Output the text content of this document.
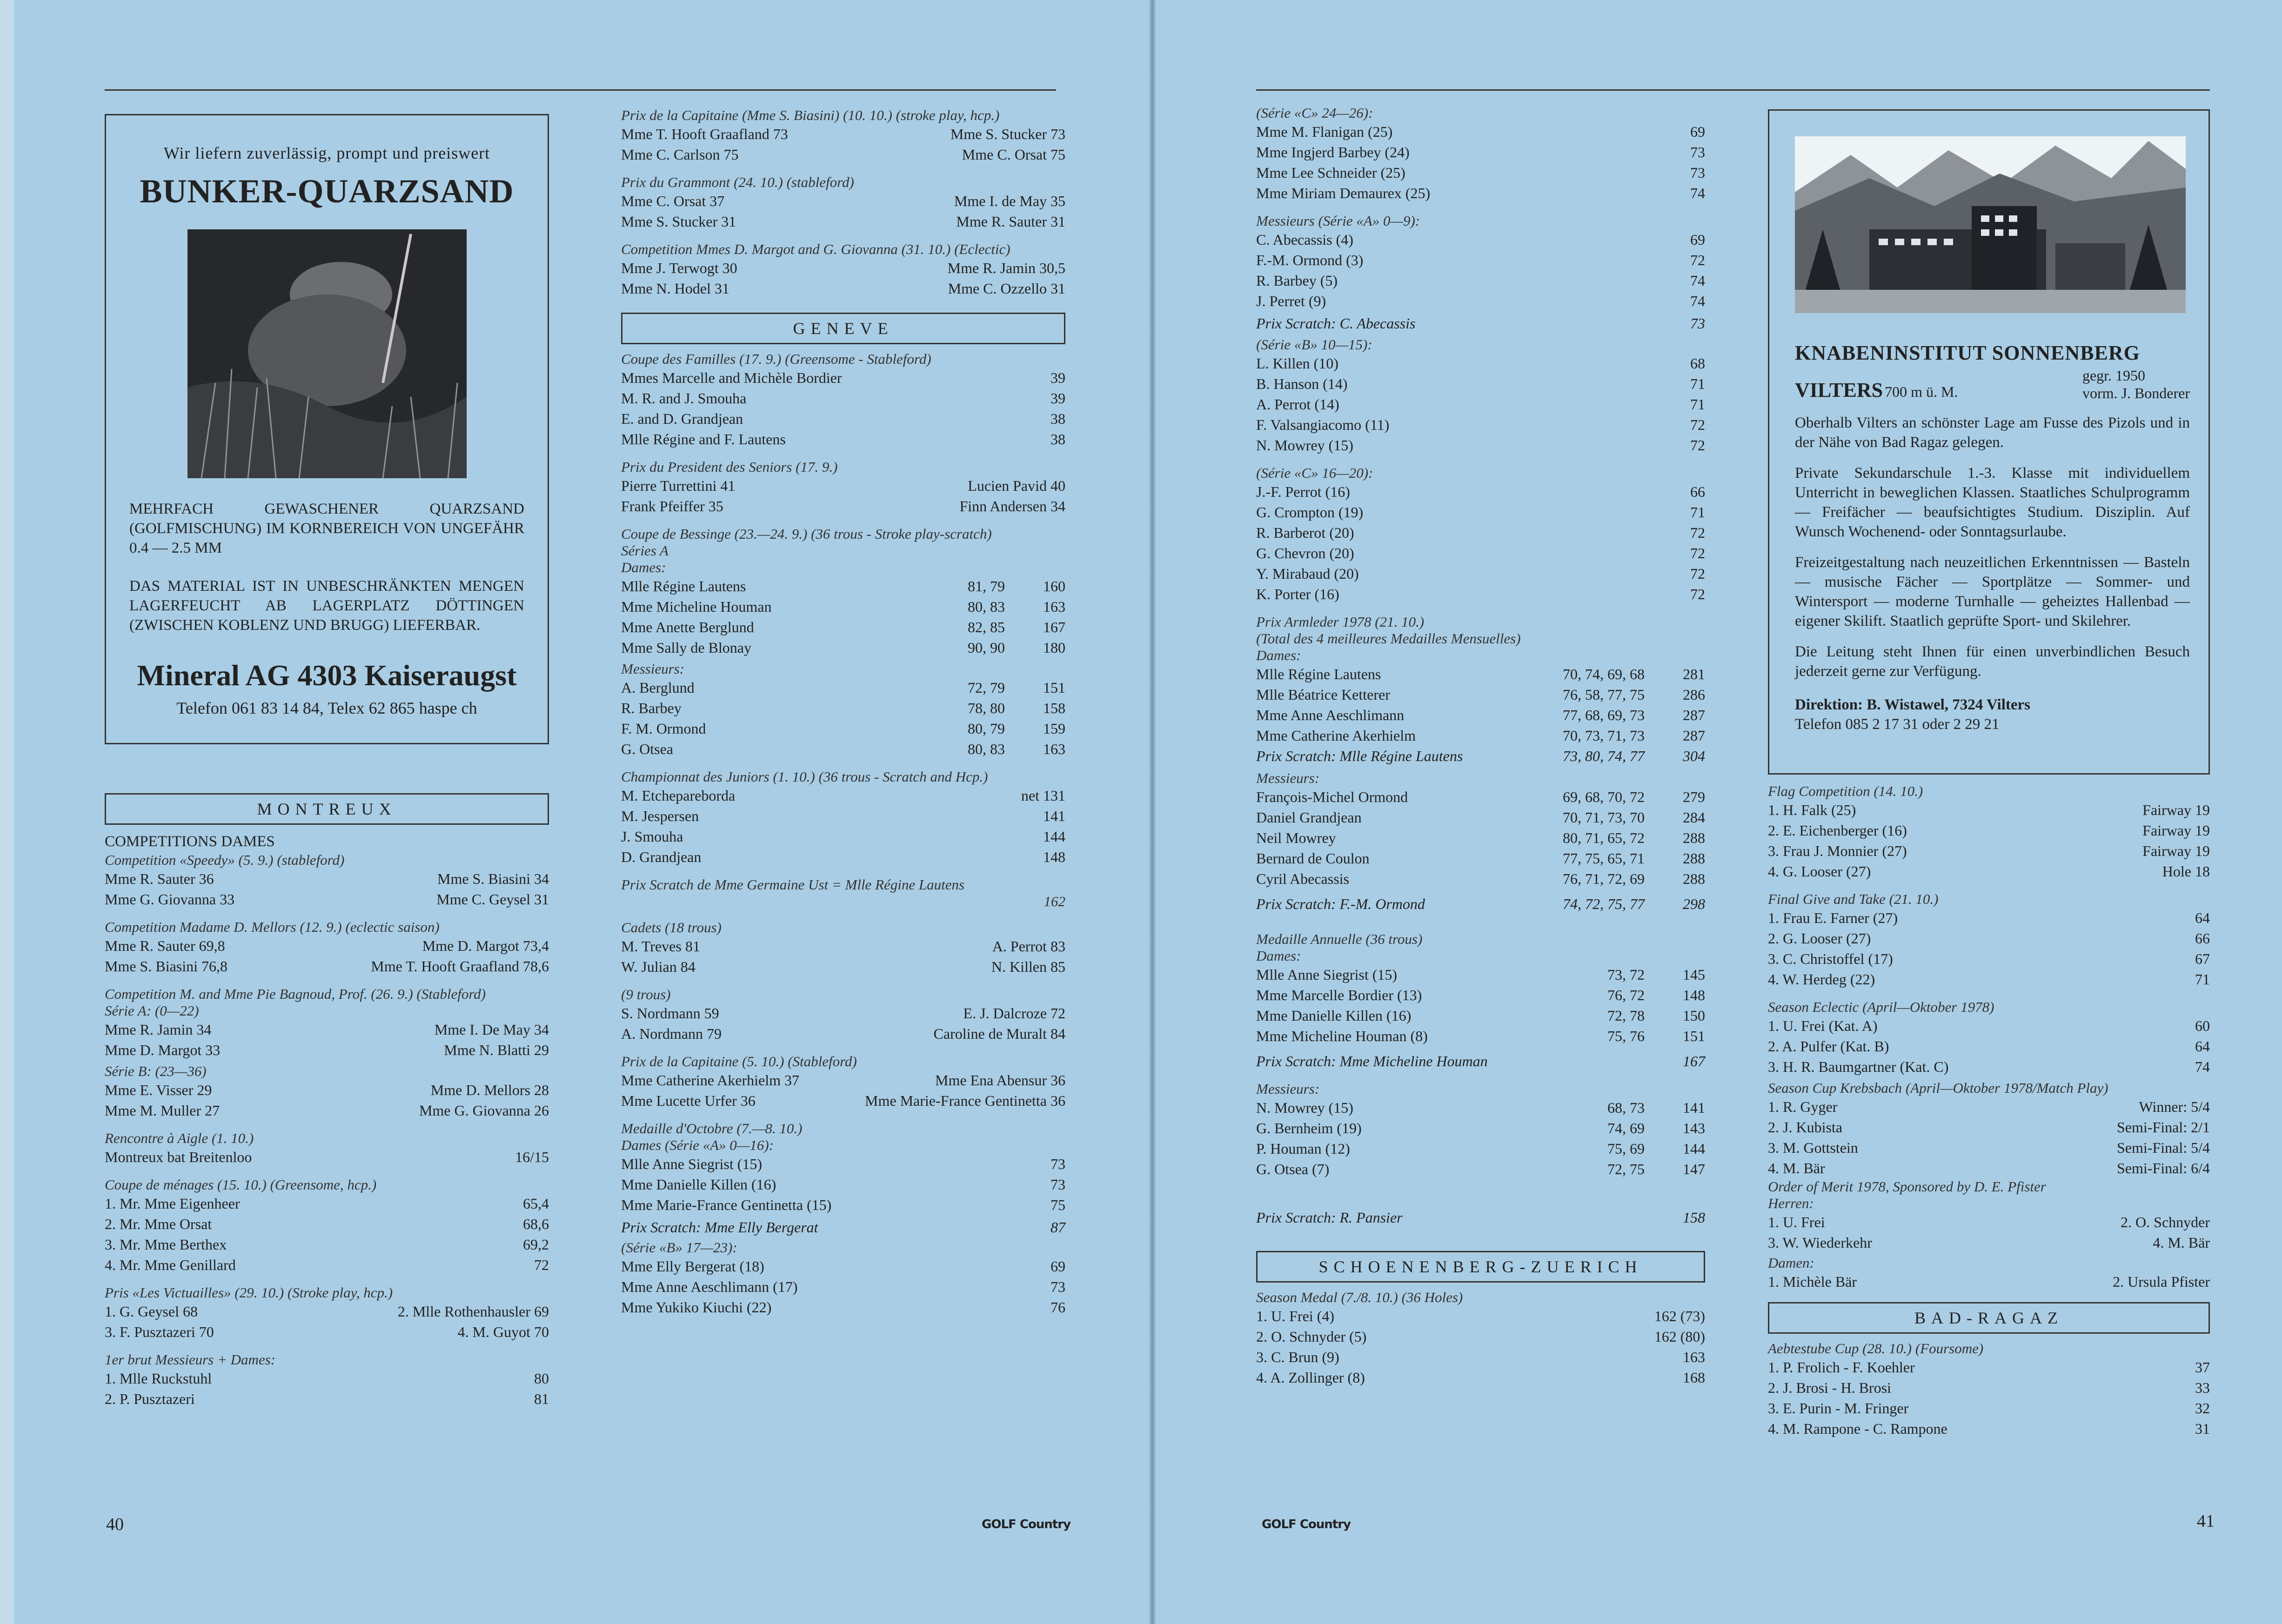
Wir liefern zuverlässig, prompt und preiswert
BUNKER-QUARZSAND
MEHRFACH GEWASCHENER QUARZSAND (GOLFMISCHUNG) IM KORNBEREICH VON UNGEFÄHR 0.4 — 2.5 MM
DAS MATERIAL IST IN UNBESCHRÄNKTEN MENGEN LAGERFEUCHT AB LAGERPLATZ DÖTTINGEN (ZWISCHEN KOBLENZ UND BRUGG) LIEFERBAR.
Mineral AG 4303 Kaiseraugst
Telefon 061 83 14 84, Telex 62 865 haspe ch
MONTREUX
COMPETITIONS DAMES
Competition «Speedy» (5. 9.) (stableford)
Mme R. Sauter 36	Mme S. Biasini 34
Mme G. Giovanna 33	Mme C. Geysel 31
Competition Madame D. Mellors (12. 9.) (eclectic saison)
Mme R. Sauter 69,8	Mme D. Margot 73,4
Mme S. Biasini 76,8	Mme T. Hooft Graafland 78,6
Competition M. and Mme Pie Bagnoud, Prof. (26. 9.) (Stableford)
Série A: (0—22)
Mme R. Jamin 34	Mme I. De May 34
Mme D. Margot 33	Mme N. Blatti 29
Série B: (23—36)
Mme E. Visser 29	Mme D. Mellors 28
Mme M. Muller 27	Mme G. Giovanna 26
Rencontre à Aigle (1. 10.)
Montreux bat Breitenloo	16/15
Coupe de ménages (15. 10.) (Greensome, hcp.)
1. Mr. Mme Eigenheer	65,4
2. Mr. Mme Orsat	68,6
3. Mr. Mme Berthex	69,2
4. Mr. Mme Genillard	72
Pris «Les Victuailles» (29. 10.) (Stroke play, hcp.)
1. G. Geysel 68	2. Mlle Rothenhausler 69
3. F. Pusztazeri 70	4. M. Guyot 70
1er brut Messieurs + Dames:
1. Mlle Ruckstuhl	80
2. P. Pusztazeri	81
Prix de la Capitaine (Mme S. Biasini) (10. 10.) (stroke play, hcp.)
Mme T. Hooft Graafland 73	Mme S. Stucker 73
Mme C. Carlson 75	Mme C. Orsat 75
Prix du Grammont (24. 10.) (stableford)
Mme C. Orsat 37	Mme I. de May 35
Mme S. Stucker 31	Mme R. Sauter 31
Competition Mmes D. Margot and G. Giovanna (31. 10.) (Eclectic)
Mme J. Terwogt 30	Mme R. Jamin 30,5
Mme N. Hodel 31	Mme C. Ozzello 31
GENEVE
Coupe des Familles (17. 9.) (Greensome - Stableford)
Mmes Marcelle and Michèle Bordier	39
M. R. and J. Smouha	39
E. and D. Grandjean	38
Mlle Régine and F. Lautens	38
Prix du President des Seniors (17. 9.)
Pierre Turrettini 41	Lucien Pavid 40
Frank Pfeiffer 35	Finn Andersen 34
Coupe de Bessinge (23.—24. 9.) (36 trous - Stroke play-scratch)
Séries A
Dames:
Mlle Régine Lautens	81, 79	160
Mme Micheline Houman	80, 83	163
Mme Anette Berglund	82, 85	167
Mme Sally de Blonay	90, 90	180
Messieurs:
A. Berglund	72, 79	151
R. Barbey	78, 80	158
F. M. Ormond	80, 79	159
G. Otsea	80, 83	163
Championnat des Juniors (1. 10.) (36 trous - Scratch and Hcp.)
M. Etchepareborda	net 131
M. Jespersen	141
J. Smouha	144
D. Grandjean	148
Prix Scratch de Mme Germaine Ust = Mlle Régine Lautens
162
Cadets (18 trous)
M. Treves 81	A. Perrot 83
W. Julian 84	N. Killen 85
(9 trous)
S. Nordmann 59	E. J. Dalcroze 72
A. Nordmann 79	Caroline de Muralt 84
Prix de la Capitaine (5. 10.) (Stableford)
Mme Catherine Akerhielm 37	Mme Ena Abensur 36
Mme Lucette Urfer 36	Mme Marie-France Gentinetta 36
Medaille d'Octobre (7.—8. 10.)
Dames (Série «A» 0—16):
Mlle Anne Siegrist (15)	73
Mme Danielle Killen (16)	73
Mme Marie-France Gentinetta (15)	75
Prix Scratch: Mme Elly Bergerat	87
(Série «B» 17—23):
Mme Elly Bergerat (18)	69
Mme Anne Aeschlimann (17)	73
Mme Yukiko Kiuchi (22)	76
(Série «C» 24—26):
Mme M. Flanigan (25)	69
Mme Ingjerd Barbey (24)	73
Mme Lee Schneider (25)	73
Mme Miriam Demaurex (25)	74
Messieurs (Série «A» 0—9):
C. Abecassis (4)	69
F.-M. Ormond (3)	72
R. Barbey (5)	74
J. Perret (9)	74
Prix Scratch: C. Abecassis	73
(Série «B» 10—15):
L. Killen (10)	68
B. Hanson (14)	71
A. Perrot (14)	71
F. Valsangiacomo (11)	72
N. Mowrey (15)	72
(Série «C» 16—20):
J.-F. Perrot (16)	66
G. Crompton (19)	71
R. Barberot (20)	72
G. Chevron (20)	72
Y. Mirabaud (20)	72
K. Porter (16)	72
Prix Armleder 1978 (21. 10.)
(Total des 4 meilleures Medailles Mensuelles)
Dames:
Mlle Régine Lautens	70, 74, 69, 68	281
Mlle Béatrice Ketterer	76, 58, 77, 75	286
Mme Anne Aeschlimann	77, 68, 69, 73	287
Mme Catherine Akerhielm	70, 73, 71, 73	287
Prix Scratch: Mlle Régine Lautens	73, 80, 74, 77	304
Messieurs:
François-Michel Ormond	69, 68, 70, 72	279
Daniel Grandjean	70, 71, 73, 70	284
Neil Mowrey	80, 71, 65, 72	288
Bernard de Coulon	77, 75, 65, 71	288
Cyril Abecassis	76, 71, 72, 69	288
Prix Scratch: F.-M. Ormond	74, 72, 75, 77	298
Medaille Annuelle (36 trous)
Dames:
Mlle Anne Siegrist (15)	73, 72	145
Mme Marcelle Bordier (13)	76, 72	148
Mme Danielle Killen (16)	72, 78	150
Mme Micheline Houman (8)	75, 76	151
Prix Scratch: Mme Micheline Houman	167
Messieurs:
N. Mowrey (15)	68, 73	141
G. Bernheim (19)	74, 69	143
P. Houman (12)	75, 69	144
G. Otsea (7)	72, 75	147
Prix Scratch: R. Pansier	158
SCHOENENBERG-ZUERICH
Season Medal (7./8. 10.) (36 Holes)
1. U. Frei (4)	162 (73)
2. O. Schnyder (5)	162 (80)
3. C. Brun (9)	163
4. A. Zollinger (8)	168
KNABENINSTITUT SONNENBERG
VILTERS 700 m ü. M.
gegr. 1950
vorm. J. Bonderer
Oberhalb Vilters an schönster Lage am Fusse des Pizols und in der Nähe von Bad Ragaz gelegen.
Private Sekundarschule 1.-3. Klasse mit individuellem Unterricht in beweglichen Klassen. Staatliches Schulprogramm — Freifächer — beaufsichtigtes Studium. Disziplin. Auf Wunsch Wochenend- oder Sonntagsurlaube.
Freizeitgestaltung nach neuzeitlichen Erkenntnissen — Basteln — musische Fächer — Sportplätze — Sommer- und Wintersport — moderne Turnhalle — geheiztes Hallenbad — eigener Skilift. Staatlich geprüfte Sport- und Skilehrer.
Die Leitung steht Ihnen für einen unverbindlichen Besuch jederzeit gerne zur Verfügung.
Direktion: B. Wistawel, 7324 Vilters
Telefon 085 2 17 31 oder 2 29 21
Flag Competition (14. 10.)
1. H. Falk (25)	Fairway 19
2. E. Eichenberger (16)	Fairway 19
3. Frau J. Monnier (27)	Fairway 19
4. G. Looser (27)	Hole 18
Final Give and Take (21. 10.)
1. Frau E. Farner (27)	64
2. G. Looser (27)	66
3. C. Christoffel (17)	67
4. W. Herdeg (22)	71
Season Eclectic (April—Oktober 1978)
1. U. Frei (Kat. A)	60
2. A. Pulfer (Kat. B)	64
3. H. R. Baumgartner (Kat. C)	74
Season Cup Krebsbach (April—Oktober 1978/Match Play)
1. R. Gyger	Winner: 5/4
2. J. Kubista	Semi-Final: 2/1
3. M. Gottstein	Semi-Final: 5/4
4. M. Bär	Semi-Final: 6/4
Order of Merit 1978, Sponsored by D. E. Pfister
Herren:
1. U. Frei	2. O. Schnyder
3. W. Wiederkehr	4. M. Bär
Damen:
1. Michèle Bär	2. Ursula Pfister
BAD-RAGAZ
Aebtestube Cup (28. 10.) (Foursome)
1. P. Frolich - F. Koehler	37
2. J. Brosi - H. Brosi	33
3. E. Purin - M. Fringer	32
4. M. Rampone - C. Rampone	31
40	GOLF Country	GOLF Country	41
